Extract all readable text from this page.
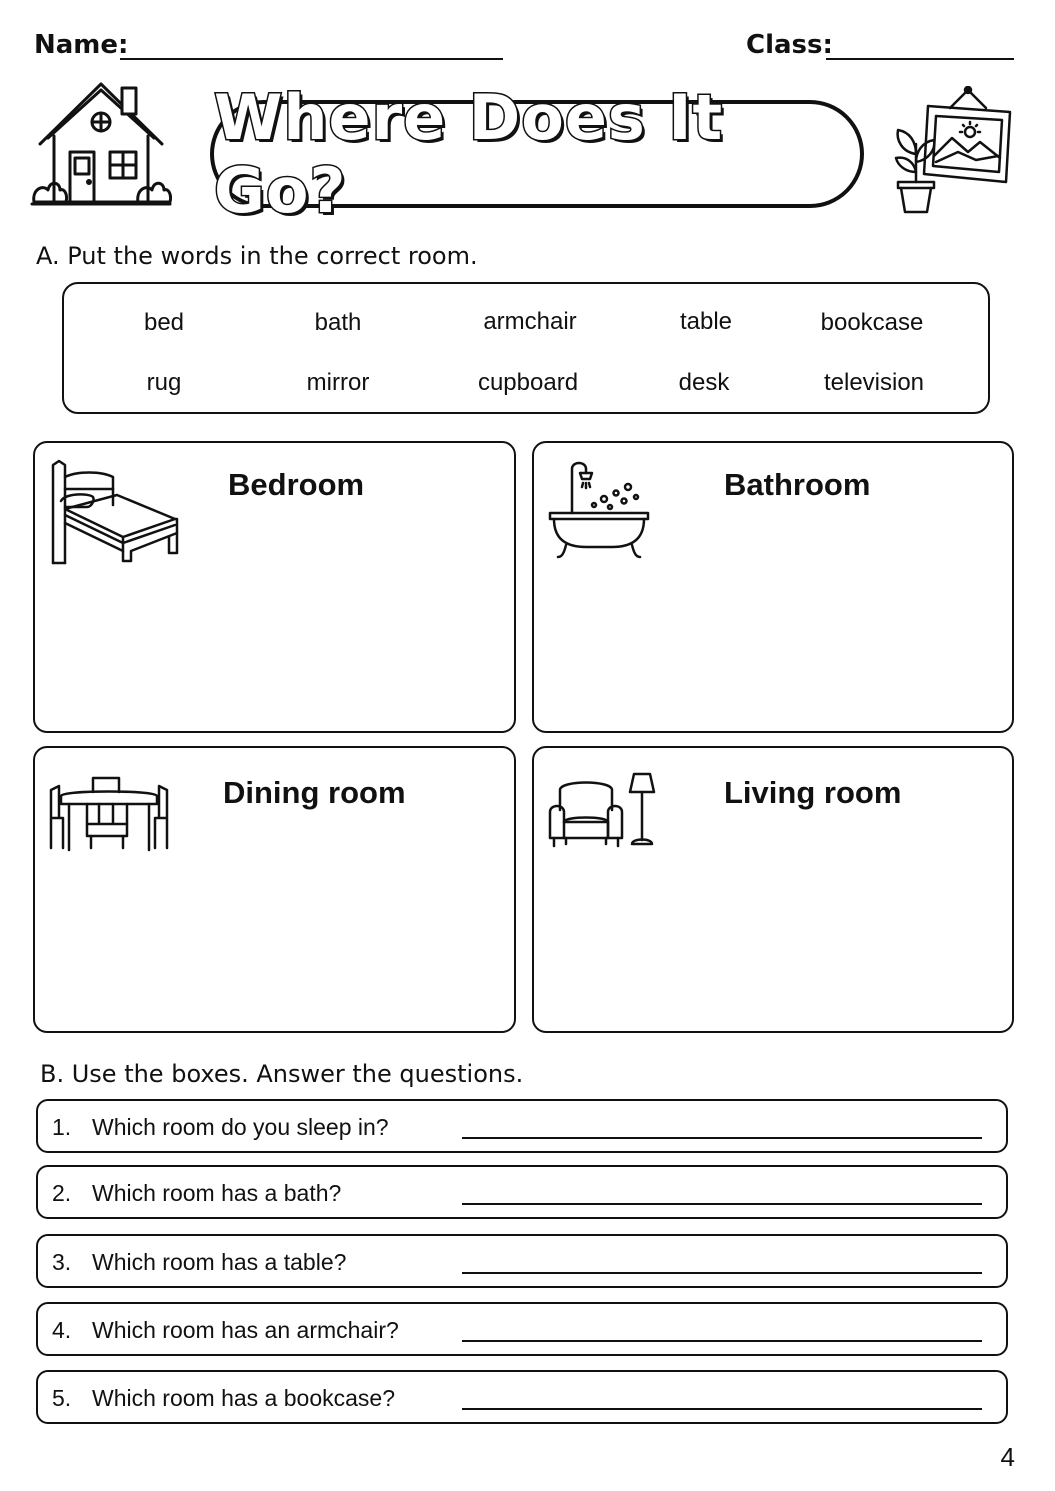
Name:	Class:
Where Does It Go?
A. Put the words in the correct room.
bed	bath	armchair	table	bookcase
rug	mirror	cupboard	desk	television
Bedroom	Bathroom
Dining room	Living room
B. Use the boxes. Answer the questions.
1. Which room do you sleep in?
2. Which room has a bath?
3. Which room has a table?
4. Which room has an armchair?
5. Which room has a bookcase?
4
